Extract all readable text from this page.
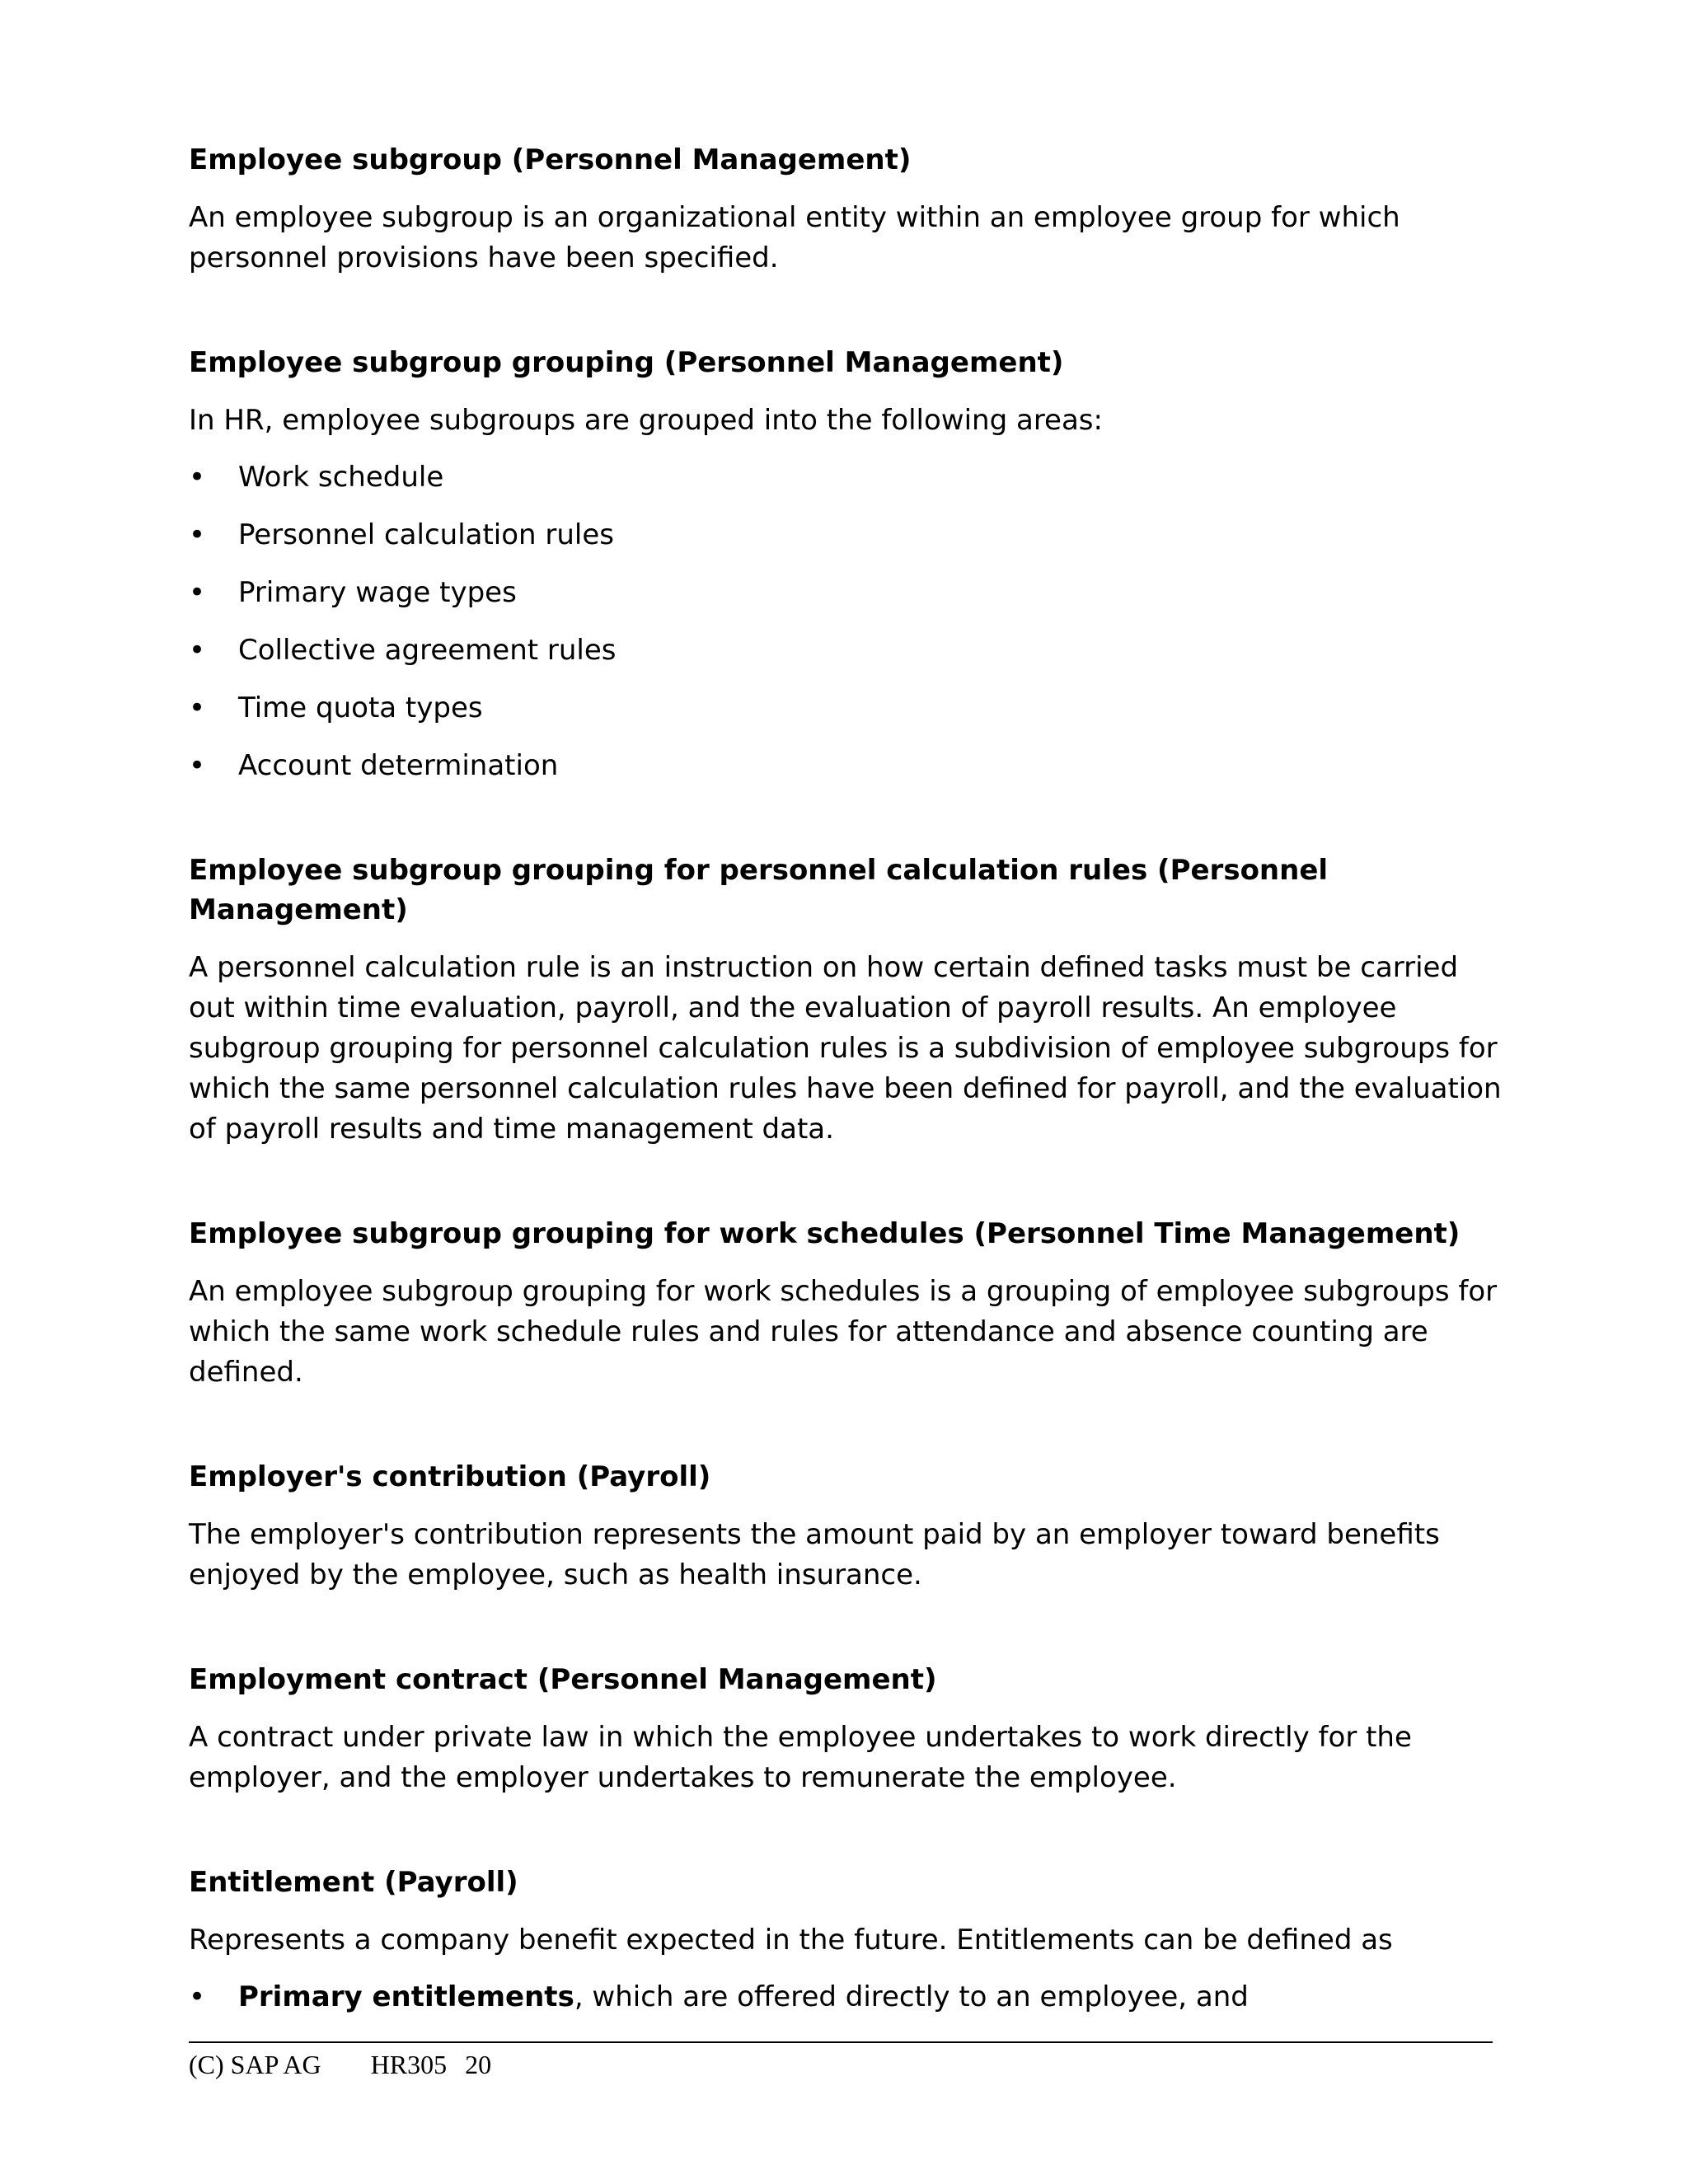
Employee subgroup (Personnel Management)

An employee subgroup is an organizational entity within an employee group for which personnel provisions have been specified.

Employee subgroup grouping (Personnel Management)

In HR, employee subgroups are grouped into the following areas:

• Work schedule
• Personnel calculation rules
• Primary wage types
• Collective agreement rules
• Time quota types
• Account determination
Employee subgroup grouping for personnel calculation rules (Personnel Management)

A personnel calculation rule is an instruction on how certain defined tasks must be carried out within time evaluation, payroll, and the evaluation of payroll results. An employee subgroup grouping for personnel calculation rules is a subdivision of employee subgroups for which the same personnel calculation rules have been defined for payroll, and the evaluation of payroll results and time management data.

Employee subgroup grouping for work schedules (Personnel Time Management)

An employee subgroup grouping for work schedules is a grouping of employee subgroups for which the same work schedule rules and rules for attendance and absence counting are defined.

Employer's contribution (Payroll)

The employer's contribution represents the amount paid by an employer toward benefits enjoyed by the employee, such as health insurance.

Employment contract (Personnel Management)

A contract under private law in which the employee undertakes to work directly for the employer, and the employer undertakes to remunerate the employee.

Entitlement (Payroll)

Represents a company benefit expected in the future. Entitlements can be defined as

• Primary entitlements, which are offered directly to an employee, and
(C) SAP AG HR305 20
